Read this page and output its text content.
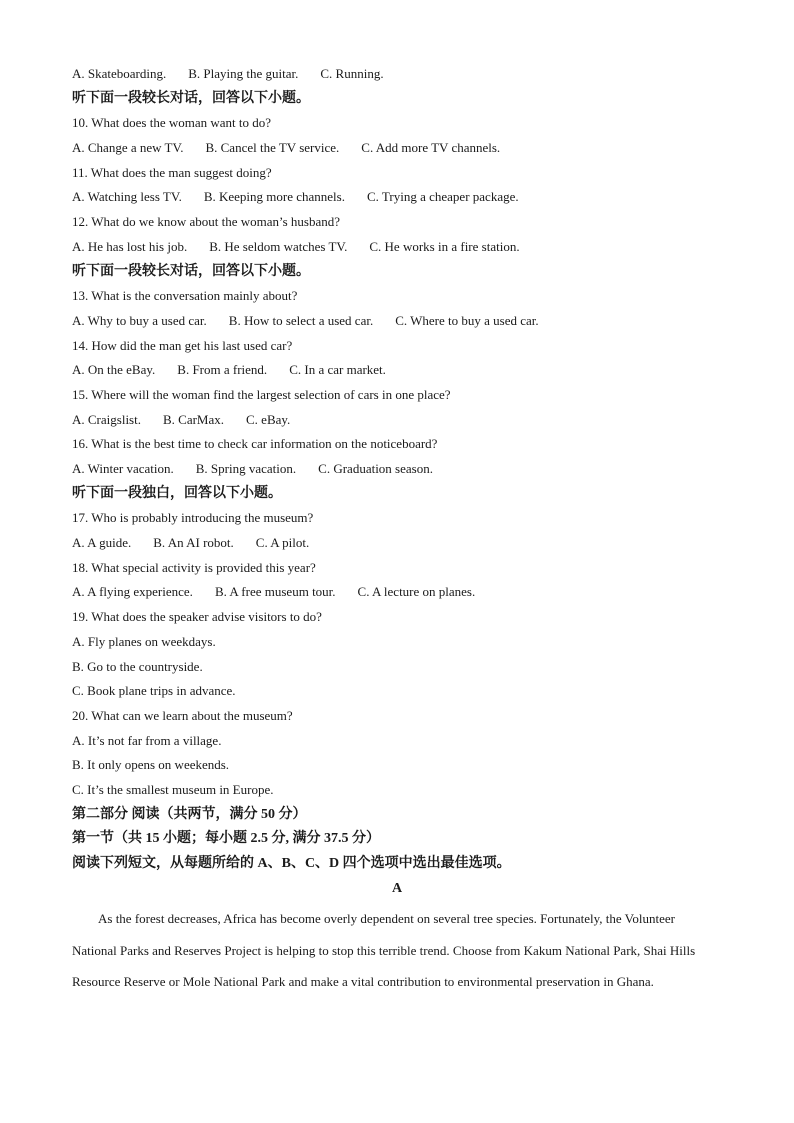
A. Skateboarding. B. Playing the guitar. C. Running.
听下面一段较长对话，回答以下小题。
10. What does the woman want to do?
A. Change a new TV. B. Cancel the TV service. C. Add more TV channels.
11. What does the man suggest doing?
A. Watching less TV. B. Keeping more channels. C. Trying a cheaper package.
12. What do we know about the woman’s husband?
A. He has lost his job. B. He seldom watches TV. C. He works in a fire station.
听下面一段较长对话，回答以下小题。
13. What is the conversation mainly about?
A. Why to buy a used car. B. How to select a used car. C. Where to buy a used car.
14. How did the man get his last used car?
A. On the eBay. B. From a friend. C. In a car market.
15. Where will the woman find the largest selection of cars in one place?
A. Craigslist. B. CarMax. C. eBay.
16. What is the best time to check car information on the noticeboard?
A. Winter vacation. B. Spring vacation. C. Graduation season.
听下面一段独白，回答以下小题。
17. Who is probably introducing the museum?
A. A guide. B. An AI robot. C. A pilot.
18. What special activity is provided this year?
A. A flying experience. B. A free museum tour. C. A lecture on planes.
19. What does the speaker advise visitors to do?
A. Fly planes on weekdays.
B. Go to the countryside.
C. Book plane trips in advance.
20. What can we learn about the museum?
A. It’s not far from a village.
B. It only opens on weekends.
C. It’s the smallest museum in Europe.
第二部分 阅读（共两节，满分 50 分）
第一节（共 15 小题；每小题 2.5 分, 满分 37.5 分）
阅读下列短文，从每题所给的 A、B、C、D 四个选项中选出最佳选项。
A
As the forest decreases, Africa has become overly dependent on several tree species. Fortunately, the Volunteer National Parks and Reserves Project is helping to stop this terrible trend. Choose from Kakum National Park, Shai Hills Resource Reserve or Mole National Park and make a vital contribution to environmental preservation in Ghana.
